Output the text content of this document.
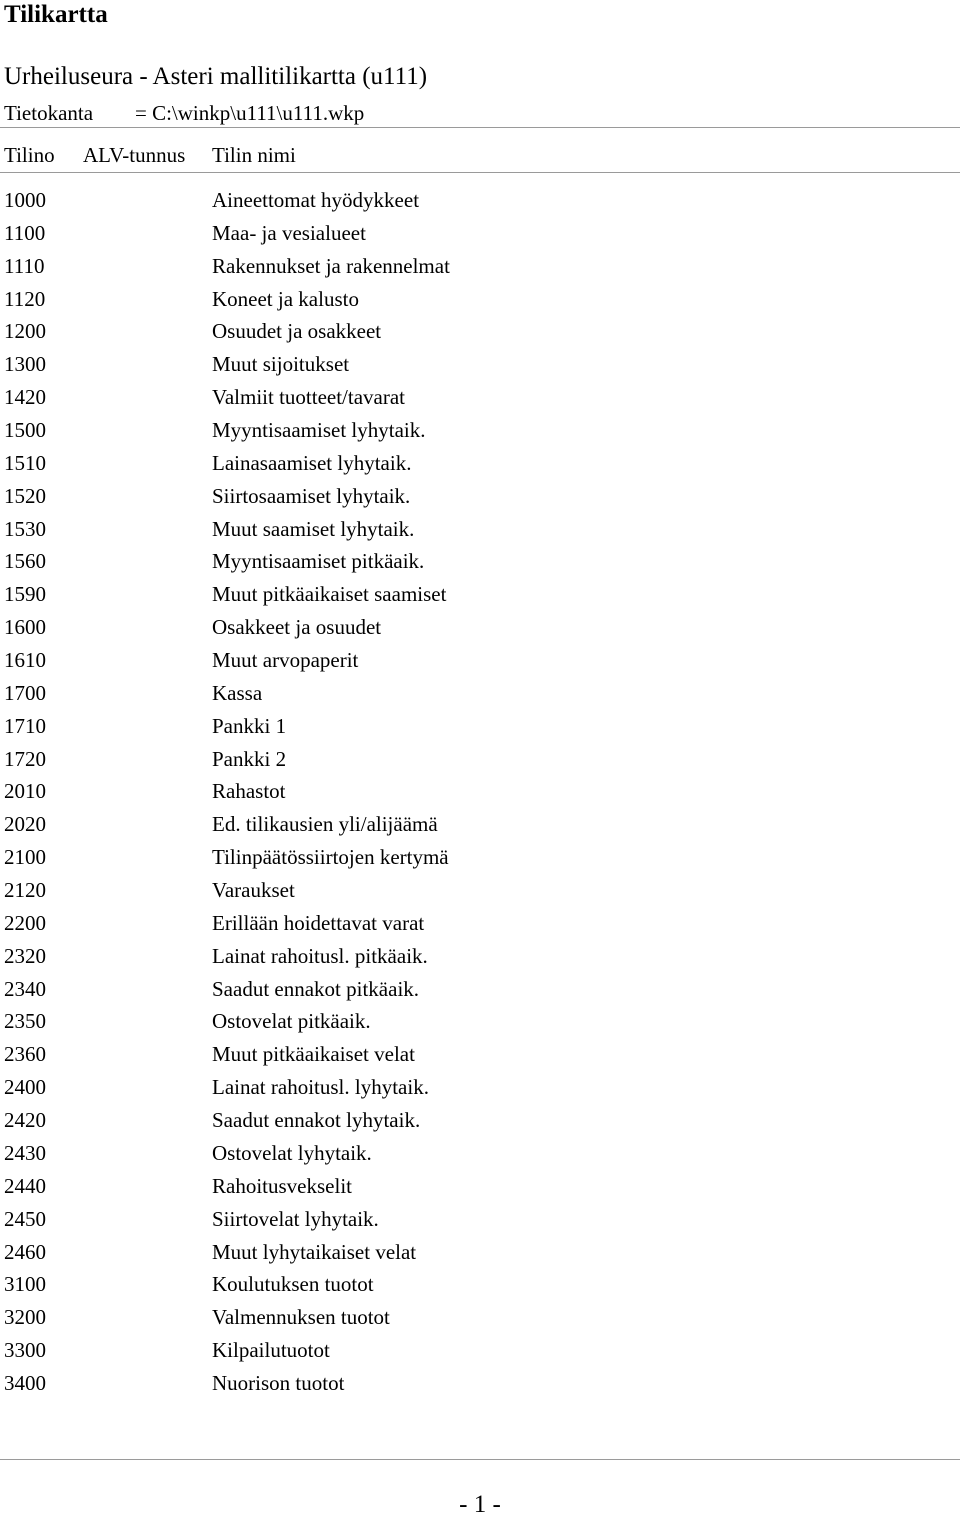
Tilikartta
Urheiluseura - Asteri mallitilikartta (u111)
Tietokanta = C:\winkp\u111\u111.wkp
Tilino ALV-tunnus Tilin nimi
1000	Aineettomat hyödykkeet
1100	Maa- ja vesialueet
1110	Rakennukset ja rakennelmat
1120	Koneet ja kalusto
1200	Osuudet ja osakkeet
1300	Muut sijoitukset
1420	Valmiit tuotteet/tavarat
1500	Myyntisaamiset lyhytaik.
1510	Lainasaamiset lyhytaik.
1520	Siirtosaamiset lyhytaik.
1530	Muut saamiset lyhytaik.
1560	Myyntisaamiset pitkäaik.
1590	Muut pitkäaikaiset saamiset
1600	Osakkeet ja osuudet
1610	Muut arvopaperit
1700	Kassa
1710	Pankki 1
1720	Pankki 2
2010	Rahastot
2020	Ed. tilikausien yli/alijäämä
2100	Tilinpäätössiirtojen kertymä
2120	Varaukset
2200	Erillään hoidettavat varat
2320	Lainat rahoitusl. pitkäaik.
2340	Saadut ennakot pitkäaik.
2350	Ostovelat pitkäaik.
2360	Muut pitkäaikaiset velat
2400	Lainat rahoitusl. lyhytaik.
2420	Saadut ennakot lyhytaik.
2430	Ostovelat lyhytaik.
2440	Rahoitusvekselit
2450	Siirtovelat lyhytaik.
2460	Muut lyhytaikaiset velat
3100	Koulutuksen tuotot
3200	Valmennuksen tuotot
3300	Kilpailutuotot
3400	Nuorison tuotot
- 1 -
